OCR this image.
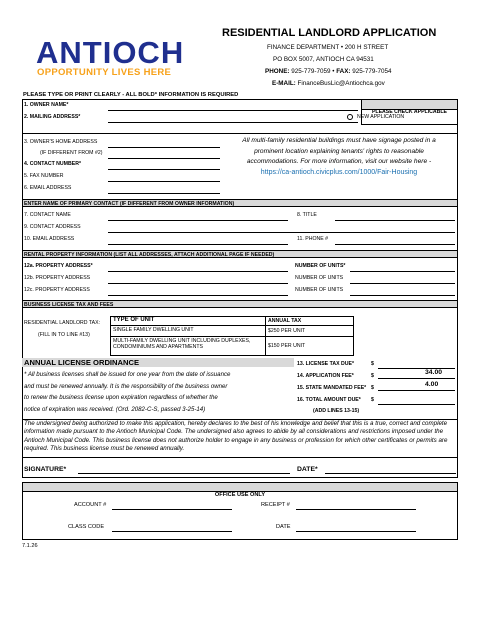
ANTIOCH
OPPORTUNITY LIVES HERE
RESIDENTIAL LANDLORD APPLICATION
FINANCE DEPARTMENT • 200 H STREET
PO BOX 5007, ANTIOCH CA 94531
PHONE: 925-779-7059 • FAX: 925-779-7054
E-MAIL: FinanceBusLic@Antiochca.gov
PLEASE TYPE OR PRINT CLEARLY - ALL BOLD* INFORMATION IS REQUIRED
1. OWNER NAME*
2. MAILING ADDRESS*
PLEASE CHECK APPLICABLE
NEW APPLICATION
3. OWNER'S HOME ADDRESS
(IF DIFFERENT FROM #2)
4. CONTACT NUMBER*
5. FAX NUMBER
6. EMAIL ADDRESS
All multi-family residential buildings must have signage posted in a
prominent location explaining tenants' rights to reasonable
accommodations. For more information, visit our website here -
https://ca-antioch.civicplus.com/1000/Fair-Housing
ENTER NAME OF PRIMARY CONTACT (IF DIFFERENT FROM OWNER INFORMATION)
7. CONTACT NAME	8. TITLE
9. CONTACT ADDRESS
10. EMAIL ADDRESS	11. PHONE #
RENTAL PROPERTY INFORMATION (LIST ALL ADDRESSES, ATTACH ADDITIONAL PAGE IF NEEDED)
12a. PROPERTY ADDRESS*	NUMBER OF UNITS*
12b. PROPERTY ADDRESS	NUMBER OF UNITS
12c. PROPERTY ADDRESS	NUMBER OF UNITS
BUSINESS LICENSE TAX AND FEES
RESIDENTIAL LANDLORD TAX:
(FILL IN TO LINE #13)
TYPE OF UNIT	ANNUAL TAX
SINGLE FAMILY DWELLING UNIT	$250 PER UNIT
MULTI-FAMILY DWELLING UNIT INCLUDING DUPLEXES, CONDOMINIUMS AND APARTMENTS	$150 PER UNIT
ANNUAL LICENSE ORDINANCE
* All business licenses shall be issued for one year from the date of issuance
and must be renewed annually. It is the responsibility of the business owner
to renew the business license upon expiration regardless of whether the
notice of expiration was received. (Ord. 2082-C-S, passed 3-25-14)
13. LICENSE TAX DUE*	$
14. APPLICATION FEE*	$	34.00
15. STATE MANDATED FEE* $	4.00
16. TOTAL AMOUNT DUE* $
(ADD LINES 13-15)
The undersigned being authorized to make this application, hereby declares to the best of his knowledge and belief that this is a true, correct and complete information made pursuant to the Antioch Municipal Code. The undersigned also agrees to abide by all considerations and restrictions imposed under the Antioch Municipal Code. This business license does not authorize holder to engage in any business or profession for which other certificates or permits are required. This business license must be renewed annually.
SIGNATURE*	DATE*
OFFICE USE ONLY
ACCOUNT #	RECEIPT #
CLASS CODE	DATE
7.1.26
